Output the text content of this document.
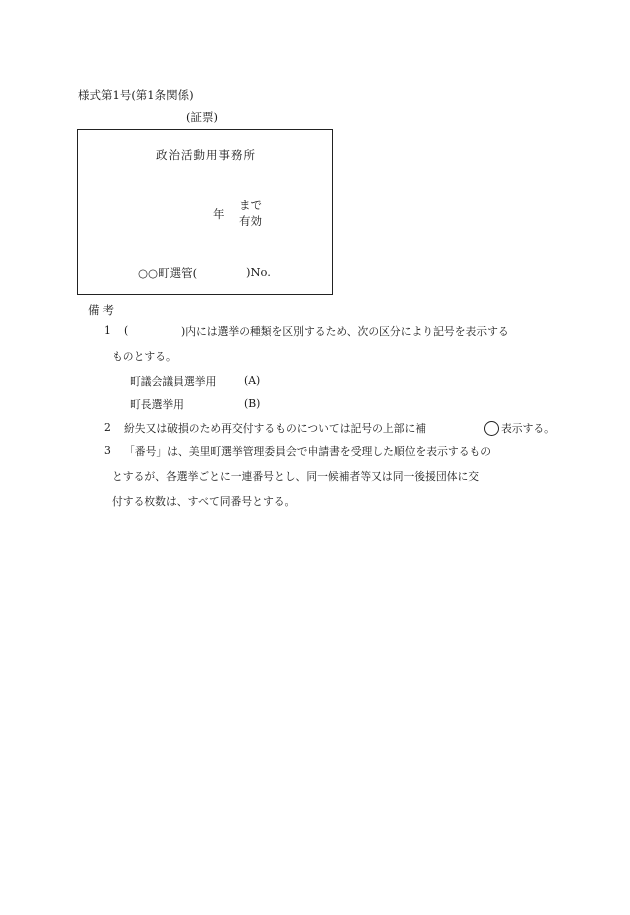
様式第1号(第1条関係)
(証票)
政治活動用事務所
年
まで
有効
○○町選管(	)No.
備考
1 (	)内には選挙の種類を区別するため、次の区分により記号を表示する
ものとする。
町議会議員選挙用	(A)
町長選挙用	(B)
2 紛失又は破損のため再交付するものについては記号の上部に補	表示する。
3 「番号」は、美里町選挙管理委員会で申請書を受理した順位を表示するもの
とするが、各選挙ごとに一連番号とし、同一候補者等又は同一後援団体に交
付する枚数は、すべて同番号とする。
